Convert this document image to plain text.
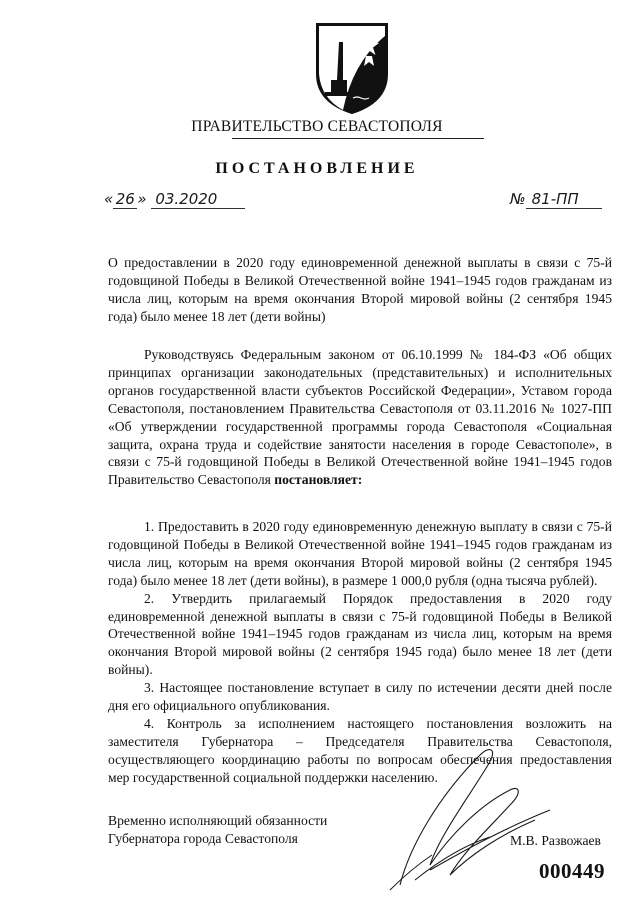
ПРАВИТЕЛЬСТВО СЕВАСТОПОЛЯ
ПОСТАНОВЛЕНИЕ
« 26 » 03.2020	№ 81-ПП
О предоставлении в 2020 году единовременной денежной выплаты в связи с 75-й годовщиной Победы в Великой Отечественной войне 1941–1945 годов гражданам из числа лиц, которым на время окончания Второй мировой войны (2 сентября 1945 года) было менее 18 лет (дети войны)
Руководствуясь Федеральным законом от 06.10.1999 № 184-ФЗ «Об общих принципах организации законодательных (представительных) и исполнительных органов государственной власти субъектов Российской Федерации», Уставом города Севастополя, постановлением Правительства Севастополя от 03.11.2016 № 1027-ПП «Об утверждении государственной программы города Севастополя «Социальная защита, охрана труда и содействие занятости населения в городе Севастополе», в связи с 75-й годовщиной Победы в Великой Отечественной войне 1941–1945 годов Правительство Севастополя постановляет:

1. Предоставить в 2020 году единовременную денежную выплату в связи с 75-й годовщиной Победы в Великой Отечественной войне 1941–1945 годов гражданам из числа лиц, которым на время окончания Второй мировой войны (2 сентября 1945 года) было менее 18 лет (дети войны), в размере 1 000,0 рубля (одна тысяча рублей).

2. Утвердить прилагаемый Порядок предоставления в 2020 году единовременной денежной выплаты в связи с 75-й годовщиной Победы в Великой Отечественной войне 1941–1945 годов гражданам из числа лиц, которым на время окончания Второй мировой войны (2 сентября 1945 года) было менее 18 лет (дети войны).

3. Настоящее постановление вступает в силу по истечении десяти дней после дня его официального опубликования.

4. Контроль за исполнением настоящего постановления возложить на заместителя Губернатора – Председателя Правительства Севастополя, осуществляющего координацию работы по вопросам обеспечения предоставления мер государственной социальной поддержки населению.

Временно исполняющий обязанности
Губернатора города Севастополя	М.В. Развожаев
000449
